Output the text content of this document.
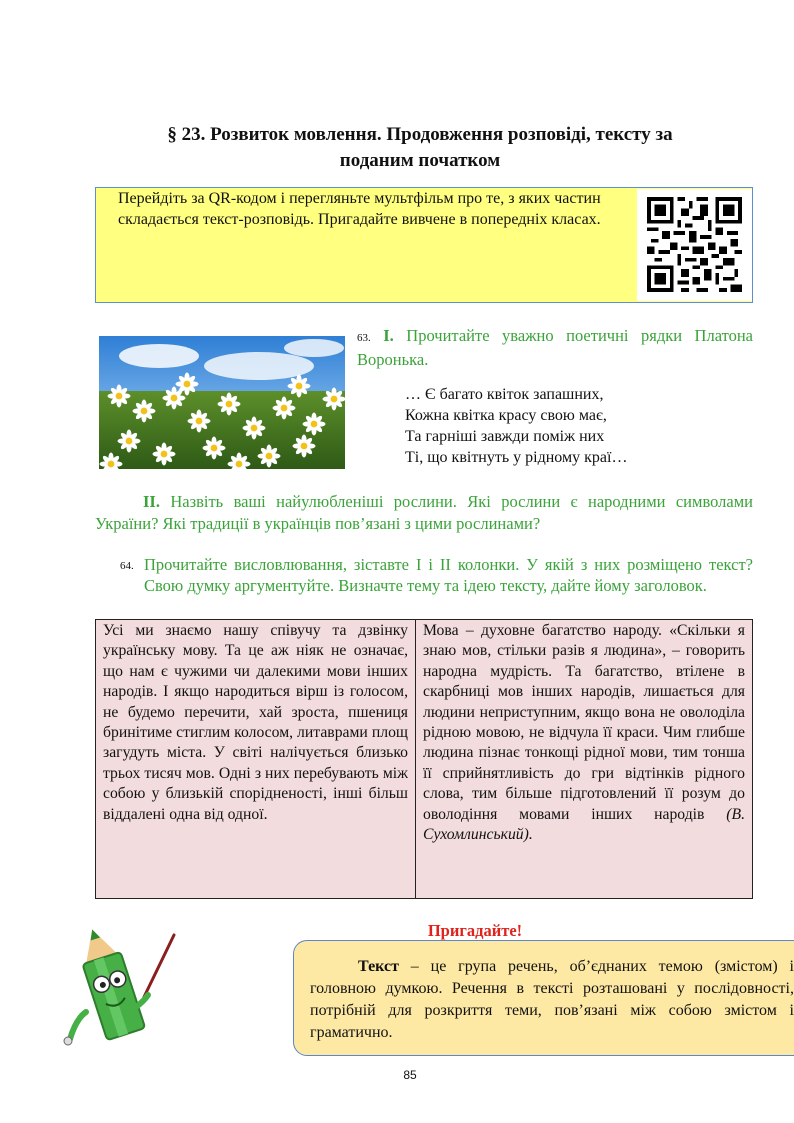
§ 23. Розвиток мовлення. Продовження розповіді, тексту за
поданим початком
Перейдіть за QR-кодом і перегляньте мультфільм про те, з яких частин складається текст-розповідь. Пригадайте вивчене в попередніх класах.
63. І. Прочитайте уважно поетичні рядки Платона Воронька.
… Є багато квіток запашних,
Кожна квітка красу свою має,
Та гарніші завжди поміж них
Ті, що квітнуть у рідному краї…
ІІ. Назвіть ваші найулюбленіші рослини. Які рослини є народними символами України? Які традиції в українців пов’язані з цими рослинами?
64. Прочитайте висловлювання, зіставте І і ІІ колонки. У якій з них розміщено текст? Свою думку аргументуйте. Визначте тему та ідею тексту, дайте йому заголовок.
Усі ми знаємо нашу співучу та дзвінку українську мову. Та це аж ніяк не означає, що нам є чужими чи далекими мови інших народів. І якщо народиться вірш із голосом, не будемо перечити, хай зроста, пшениця бринітиме стиглим колосом, литаврами площ загудуть міста. У світі налічується близько трьох тисяч мов. Одні з них перебувають між собою у близькій спорідненості, інші більш віддалені одна від одної.
Мова – духовне багатство народу. «Скільки я знаю мов, стільки разів я людина», – говорить народна мудрість. Та багатство, втілене в скарбниці мов інших народів, лишається для людини неприступним, якщо вона не оволоділа рідною мовою, не відчула її краси. Чим глибше людина пізнає тонкощі рідної мови, тим тонша її сприйнятливість до гри відтінків рідного слова, тим більше підготовлений її розум до оволодіння мовами інших народів (В. Сухомлинський).
Пригадайте!
Текст – це група речень, об’єднаних темою (змістом) і головною думкою. Речення в тексті розташовані у послідовності, потрібній для розкриття теми, пов’язані між собою змістом і граматично.
85
